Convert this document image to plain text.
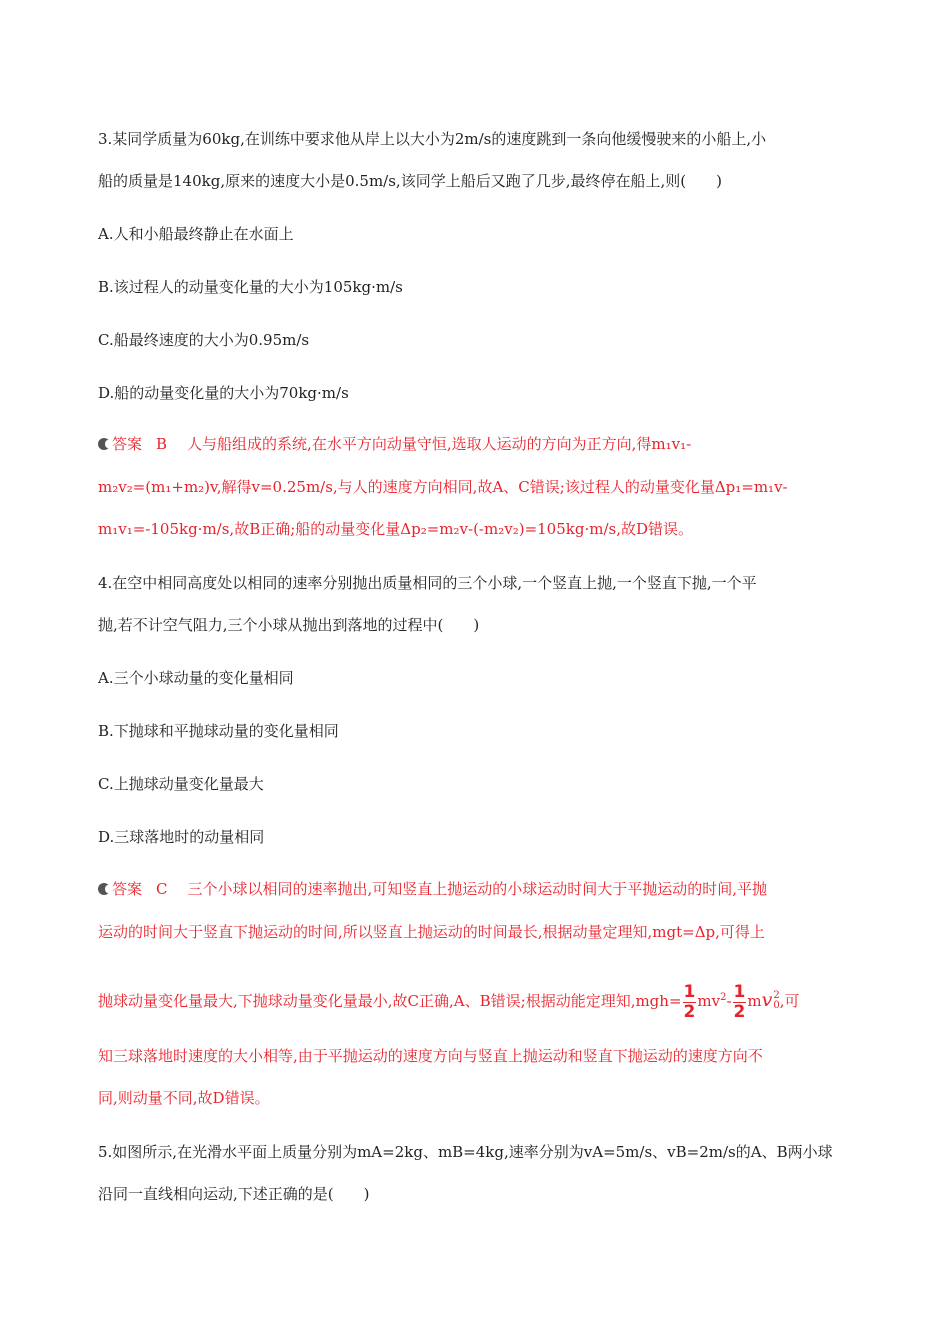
3.某同学质量为60kg,在训练中要求他从岸上以大小为2m/s的速度跳到一条向他缓慢驶来的小船上,小
船的质量是140kg,原来的速度大小是0.5m/s,该同学上船后又跑了几步,最终停在船上,则(　　)
A.人和小船最终静止在水面上
B.该过程人的动量变化量的大小为105kg·m/s
C.船最终速度的大小为0.95m/s
D.船的动量变化量的大小为70kg·m/s
答案 B 人与船组成的系统,在水平方向动量守恒,选取人运动的方向为正方向,得m₁v₁-
m₂v₂=(m₁+m₂)v,解得v=0.25m/s,与人的速度方向相同,故A、C错误;该过程人的动量变化量Δp₁=m₁v-
m₁v₁=-105kg·m/s,故B正确;船的动量变化量Δp₂=m₂v-(-m₂v₂)=105kg·m/s,故D错误。
4.在空中相同高度处以相同的速率分别抛出质量相同的三个小球,一个竖直上抛,一个竖直下抛,一个平
抛,若不计空气阻力,三个小球从抛出到落地的过程中(　　)
A.三个小球动量的变化量相同
B.下抛球和平抛球动量的变化量相同
C.上抛球动量变化量最大
D.三球落地时的动量相同
答案 C 三个小球以相同的速率抛出,可知竖直上抛运动的小球运动时间大于平抛运动的时间,平抛
运动的时间大于竖直下抛运动的时间,所以竖直上抛运动的时间最长,根据动量定理知,mgt=Δp,可得上
抛球动量变化量最大,下抛球动量变化量最小,故C正确,A、B错误;根据动能定理知$,mgh= \frac{1}{2} mv^2- \frac{1}{2}$ mv 2
0 ,可
知三球落地时速度的大小相等,由于平抛运动的速度方向与竖直上抛运动和竖直下抛运动的速度方向不
同,则动量不同,故D错误。
5.如图所示,在光滑水平面上质量分别为mA=2kg、mB=4kg,速率分别为vA=5m/s、vB=2m/s的A、B两小球
沿同一直线相向运动,下述正确的是(　　)
